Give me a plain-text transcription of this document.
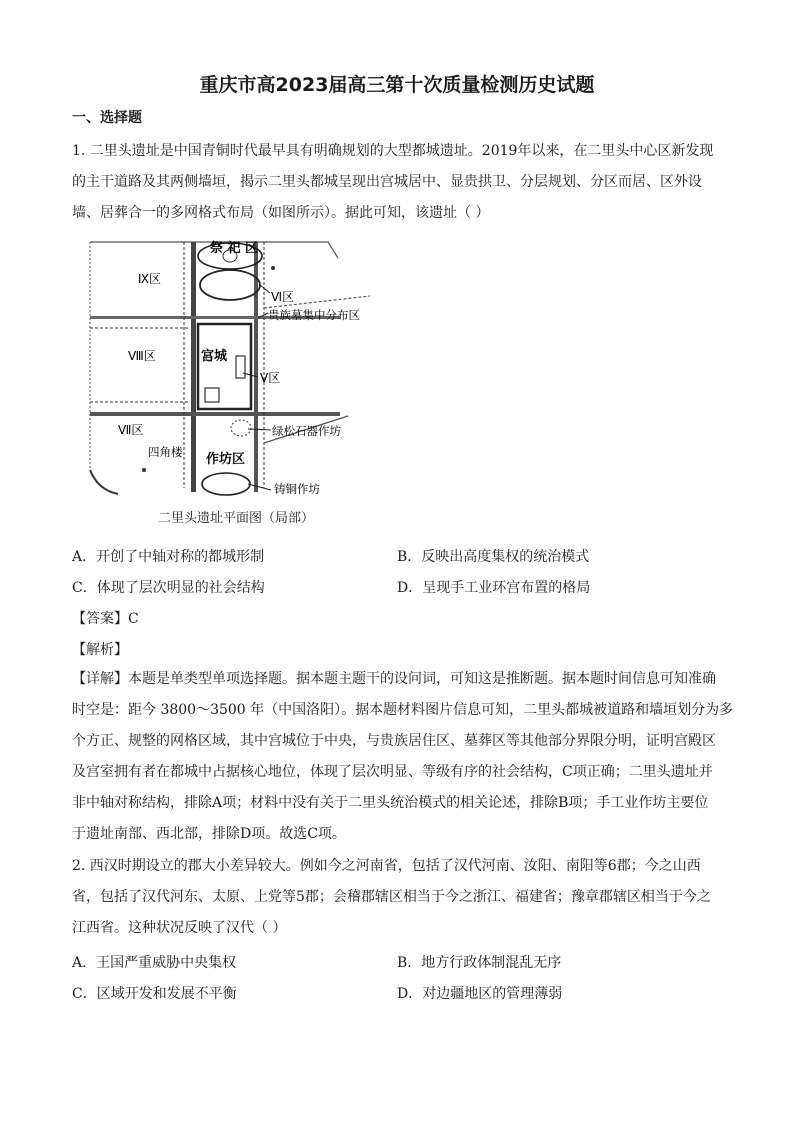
重庆市高2023届高三第十次质量检测历史试题
一、选择题
1. 二里头遗址是中国青铜时代最早具有明确规划的大型都城遗址。2019年以来，在二里头中心区新发现
的主干道路及其两侧墙垣，揭示二里头都城呈现出宫城居中、显贵拱卫、分层规划、分区而居、区外设
墙、居葬合一的多网格式布局（如图所示）。据此可知，该遗址（ ）
祭 祀 区
Ⅸ区
Ⅵ区
贵族墓集中分布区
Ⅷ区	宫城
Ⅴ区
Ⅶ区	绿松石器作坊
四角楼 作坊区
铸铜作坊
二里头遗址平面图（局部）
A．开创了中轴对称的都城形制	B．反映出高度集权的统治模式
C．体现了层次明显的社会结构	D．呈现手工业环宫布置的格局
【答案】C
【解析】
【详解】本题是单类型单项选择题。据本题主题干的设问词，可知这是推断题。据本题时间信息可知准确
时空是：距今 3800～3500 年（中国洛阳）。据本题材料图片信息可知，二里头都城被道路和墙垣划分为多
个方正、规整的网格区域，其中宫城位于中央，与贵族居住区、墓葬区等其他部分界限分明，证明宫殿区
及宫室拥有者在都城中占据核心地位，体现了层次明显、等级有序的社会结构，C项正确；二里头遗址并
非中轴对称结构，排除A项；材料中没有关于二里头统治模式的相关论述，排除B项；手工业作坊主要位
于遗址南部、西北部，排除D项。故选C项。
2. 西汉时期设立的郡大小差异较大。例如今之河南省，包括了汉代河南、汝阳、南阳等6郡；今之山西
省，包括了汉代河东、太原、上党等5郡；会稽郡辖区相当于今之浙江、福建省；豫章郡辖区相当于今之
江西省。这种状况反映了汉代（ ）
A．王国严重威胁中央集权	B．地方行政体制混乱无序
C．区域开发和发展不平衡	D．对边疆地区的管理薄弱
